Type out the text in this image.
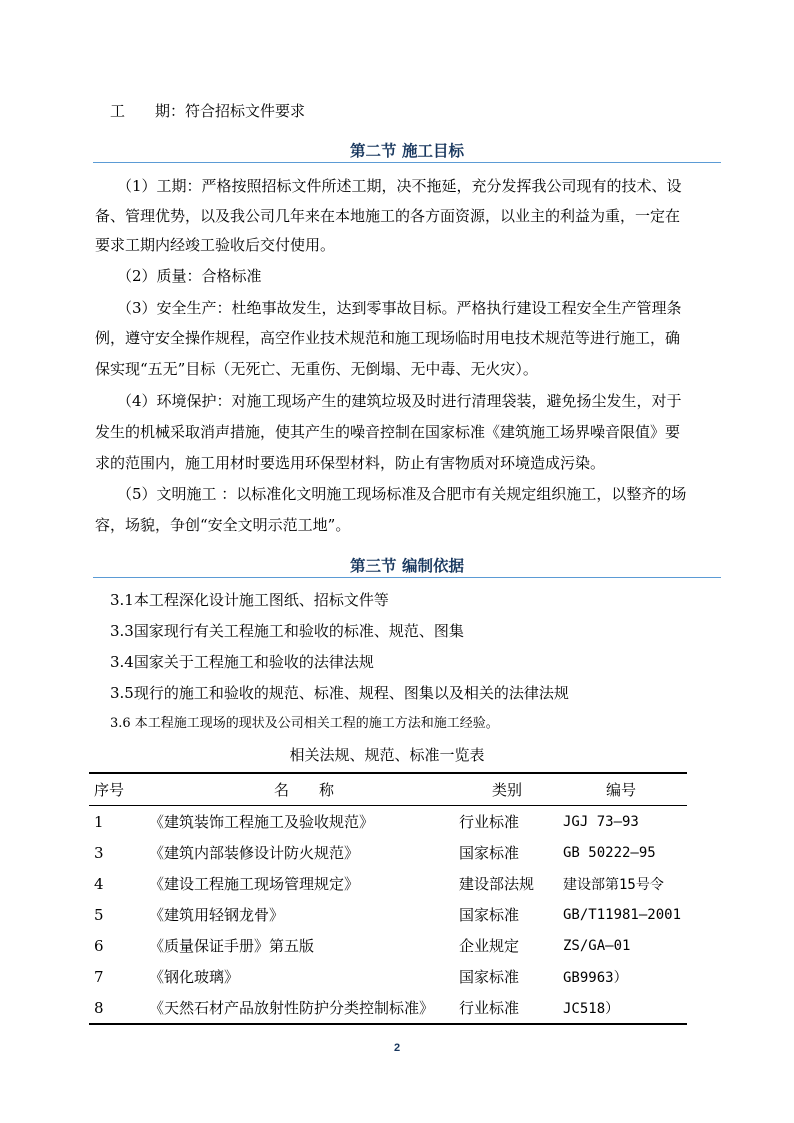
工　　期：符合招标文件要求
第二节 施工目标
（1）工期：严格按照招标文件所述工期，决不拖延，充分发挥我公司现有的技术、设
备、管理优势，以及我公司几年来在本地施工的各方面资源，以业主的利益为重，一定在
要求工期内经竣工验收后交付使用。
（2）质量：合格标准
（3）安全生产：杜绝事故发生，达到零事故目标。严格执行建设工程安全生产管理条
例，遵守安全操作规程，高空作业技术规范和施工现场临时用电技术规范等进行施工，确
保实现“五无”目标（无死亡、无重伤、无倒塌、无中毒、无火灾）。
（4）环境保护：对施工现场产生的建筑垃圾及时进行清理袋装，避免扬尘发生，对于
发生的机械采取消声措施，使其产生的噪音控制在国家标准《建筑施工场界噪音限值》要
求的范围内，施工用材时要选用环保型材料，防止有害物质对环境造成污染。
（5）文明施工 ：以标准化文明施工现场标准及合肥市有关规定组织施工，以整齐的场
容，场貌，争创“安全文明示范工地”。
第三节 编制依据
3.1本工程深化设计施工图纸、招标文件等
3.3国家现行有关工程施工和验收的标准、规范、图集
3.4国家关于工程施工和验收的法律法规
3.5现行的施工和验收的规范、标准、规程、图集以及相关的法律法规
3.6 本工程施工现场的现状及公司相关工程的施工方法和施工经验。
相关法规、规范、标准一览表
序号	名　　称	类别	编号
1	《建筑装饰工程施工及验收规范》	行业标准	JGJ 73—93
3	《建筑内部装修设计防火规范》	国家标准	GB 50222—95
4	《建设工程施工现场管理规定》	建设部法规	建设部第15号令
5	《建筑用轻钢龙骨》	国家标准	GB/T11981—2001
6	《质量保证手册》第五版	企业规定	ZS/GA—01
7	《钢化玻璃》	国家标准	GB9963）
8	《天然石材产品放射性防护分类控制标准》	行业标准	JC518）
2
